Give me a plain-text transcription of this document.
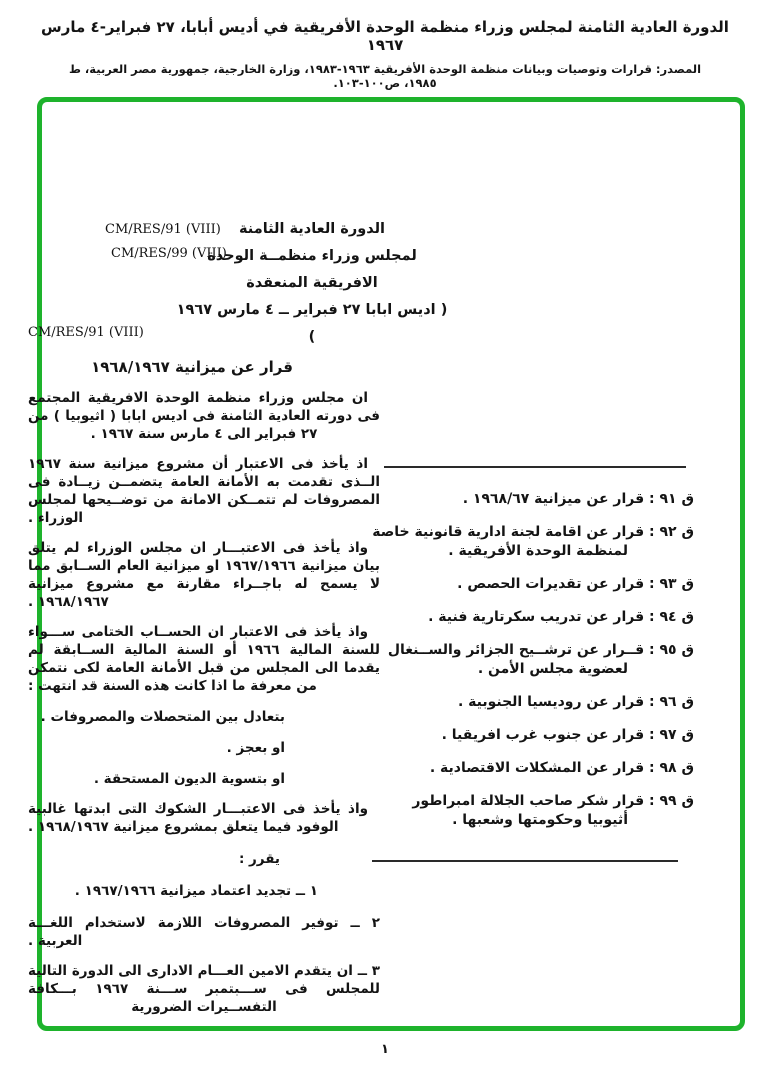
الدورة العادية الثامنة لمجلس وزراء منظمة الوحدة الأفريقية في أديس أبابا، ٢٧ فبراير-٤ مارس ١٩٦٧
المصدر: قرارات وتوصيات وبيانات منظمة الوحدة الأفريقية ١٩٦٣-١٩٨٣، وزارة الخارجية، جمهورية مصر العربية، ط ١٩٨٥، ص١٠٠-١٠٣.
CM/RES/91 (VIII)
CM/RES/99 (VIII)
الدورة العادية الثامنة
لمجلس وزراء منظمــة الوحدة الافريقية المنعقدة
( اديس ابابا ٢٧ فبراير ــ ٤ مارس ١٩٦٧ )
CM/RES/91 (VIII)
قرار عن ميزانية ١٩٦٨/١٩٦٧

ان مجلس وزراء منظمة الوحدة الافريقية المجتمع فى دورته العادية الثامنة فى اديس ابابا ( اثيوبيا ) من ٢٧ فبراير الى ٤ مارس سنة ١٩٦٧ .

اذ يأخذ فى الاعتبار أن مشروع ميزانية سنة ١٩٦٧ الــذى تقدمت به الأمانة العامة يتضمــن زيــادة فى المصروفات لم تتمــكن الامانة من توضــيحها لمجلس الوزراء .

واذ يأخذ فى الاعتبـــار ان مجلس الوزراء لم يتلق بيان ميزانية ١٩٦٧/١٩٦٦ او ميزانية العام الســابق مما لا يسمح له باجــراء مقارنة مع مشروع ميزانية ١٩٦٨/١٩٦٧ .

واذ يأخذ فى الاعتبار ان الحســاب الختامى ســـواء للسنة المالية ١٩٦٦ أو السنة المالية الســابقة لم يقدما الى المجلس من قبل الأمانة العامة لكى نتمكن من معرفة ما اذا كانت هذه السنة قد انتهت :

بتعادل بين المتحصلات والمصروفات .
او بعجز .
او بتسوية الديون المستحقة .

واذ يأخذ فى الاعتبـــار الشكوك التى ابدتها غالبية الوفود فيما يتعلق بمشروع ميزانية ١٩٦٨/١٩٦٧ .

يقرر :
١ ــ تجديد اعتماد ميزانية ١٩٦٧/١٩٦٦ .
٢ ــ توفير المصروفات اللازمة لاستخدام اللغـــة العربية .
٣ ــ ان يتقدم الامين العـــام الادارى الى الدورة التالية للمجلس فى ســـبتمبر ســـنة ١٩٦٧ بـــكافة التفســيرات الضرورية
ق ٩١ : قرار عن ميزانية ١٩٦٨/٦٧ .
ق ٩٢ : قرار عن اقامة لجنة ادارية قانونية خاصة لمنظمة الوحدة الأفريقية .
ق ٩٣ : قرار عن تقديرات الحصص .
ق ٩٤ : قرار عن تدريب سكرتارية فنية .
ق ٩٥ : قــرار عن ترشــيح الجزائر والســنغال لعضوية مجلس الأمن .
ق ٩٦ : قرار عن روديسيا الجنوبية .
ق ٩٧ : قرار عن جنوب غرب افريقيا .
ق ٩٨ : قرار عن المشكلات الاقتصادية .
ق ٩٩ : قرار شكر صاحب الجلالة امبراطور أثيوبيا وحكومتها وشعبها .
١
